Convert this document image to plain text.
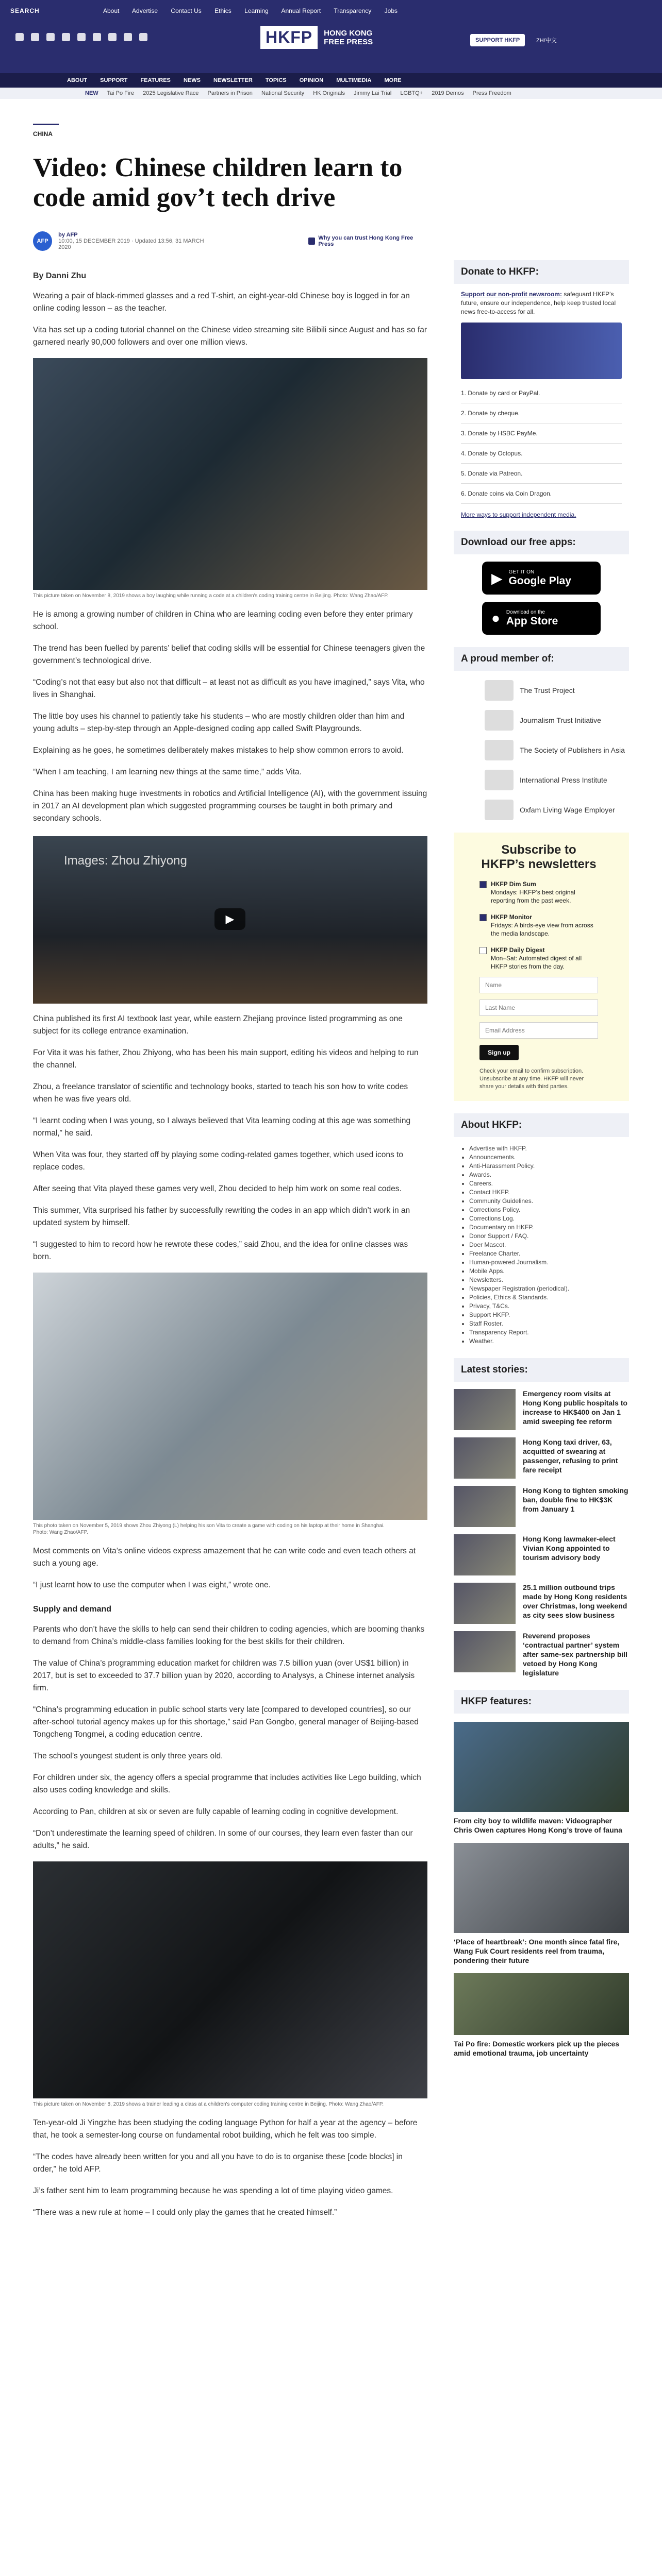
SEARCH	About Advertise Contact Us Ethics Learning Annual Report Transparency Jobs
HKFP	HONG KONG
FREE PRESS	SUPPORT HKFP	ZH/中文
ABOUT SUPPORT FEATURES NEWS NEWSLETTER TOPICS OPINION MULTIMEDIA MORE
NEW Tai Po Fire 2025 Legislative Race Partners in Prison National Security HK Originals Jimmy Lai Trial LGBTQ+ 2019 Demos Press Freedom
CHINA
Video: Chinese children learn to code amid gov’t tech drive
AFP
by AFP
10:00, 15 DECEMBER 2019 · Updated 13:56, 31 MARCH 2020
Why you can trust Hong Kong Free Press
By Danni Zhu

Wearing a pair of black-rimmed glasses and a red T-shirt, an eight-year-old Chinese boy is logged in for an online coding lesson – as the teacher.

Vita has set up a coding tutorial channel on the Chinese video streaming site Bilibili since August and has so far garnered nearly 90,000 followers and over one million views.

This picture taken on November 8, 2019 shows a boy laughing while running a code at a children's coding training centre in Beijing. Photo: Wang Zhao/AFP.

He is among a growing number of children in China who are learning coding even before they enter primary school.

The trend has been fuelled by parents’ belief that coding skills will be essential for Chinese teenagers given the government’s technological drive.

“Coding’s not that easy but also not that difficult – at least not as difficult as you have imagined,” says Vita, who lives in Shanghai.

The little boy uses his channel to patiently take his students – who are mostly children older than him and young adults – step-by-step through an Apple-designed coding app called Swift Playgrounds.

Explaining as he goes, he sometimes deliberately makes mistakes to help show common errors to avoid.

“When I am teaching, I am learning new things at the same time,” adds Vita.

China has been making huge investments in robotics and Artificial Intelligence (AI), with the government issuing in 2017 an AI development plan which suggested programming courses be taught in both primary and secondary schools.

Images: Zhou Zhiyong
▶

China published its first AI textbook last year, while eastern Zhejiang province listed programming as one subject for its college entrance examination.

For Vita it was his father, Zhou Zhiyong, who has been his main support, editing his videos and helping to run the channel.

Zhou, a freelance translator of scientific and technology books, started to teach his son how to write codes when he was five years old.

“I learnt coding when I was young, so I always believed that Vita learning coding at this age was something normal,” he said.

When Vita was four, they started off by playing some coding-related games together, which used icons to replace codes.

After seeing that Vita played these games very well, Zhou decided to help him work on some real codes.

This summer, Vita surprised his father by successfully rewriting the codes in an app which didn’t work in an updated system by himself.

“I suggested to him to record how he rewrote these codes,” said Zhou, and the idea for online classes was born.

This photo taken on November 5, 2019 shows Zhou Zhiyong (L) helping his son Vita to create a game with coding on his laptop at their home in Shanghai. Photo: Wang Zhao/AFP.

Most comments on Vita’s online videos express amazement that he can write code and even teach others at such a young age.

“I just learnt how to use the computer when I was eight,” wrote one.

Supply and demand

Parents who don’t have the skills to help can send their children to coding agencies, which are booming thanks to demand from China’s middle-class families looking for the best skills for their children.

The value of China’s programming education market for children was 7.5 billion yuan (over US$1 billion) in 2017, but is set to exceeded to 37.7 billion yuan by 2020, according to Analysys, a Chinese internet analysis firm.

“China’s programming education in public school starts very late [compared to developed countries], so our after-school tutorial agency makes up for this shortage,” said Pan Gongbo, general manager of Beijing-based Tongcheng Tongmei, a coding education centre.

The school’s youngest student is only three years old.

For children under six, the agency offers a special programme that includes activities like Lego building, which also uses coding knowledge and skills.

According to Pan, children at six or seven are fully capable of learning coding in cognitive development.

“Don’t underestimate the learning speed of children. In some of our courses, they learn even faster than our adults,” he said.

This picture taken on November 8, 2019 shows a trainer leading a class at a children's computer coding training centre in Beijing. Photo: Wang Zhao/AFP.

Ten-year-old Ji Yingzhe has been studying the coding language Python for half a year at the agency – before that, he took a semester-long course on fundamental robot building, which he felt was too simple.

“The codes have already been written for you and all you have to do is to organise these [code blocks] in order,” he told AFP.

Ji’s father sent him to learn programming because he was spending a lot of time playing video games.

“There was a new rule at home – I could only play the games that he created himself.”

Donate to HKFP:

Support our non-profit newsroom: safeguard HKFP’s future, ensure our independence, help keep trusted local news free-to-access for all.

1. Donate by card or PayPal.
2. Donate by cheque.
3. Donate by HSBC PayMe.
4. Donate by Octopus.
5. Donate via Patreon.
6. Donate coins via Coin Dragon.
More ways to support independent media.
Download our free apps:
▶ GET IT ON
Google Play
● Download on the
App Store
A proud member of:
The Trust Project
Journalism Trust Initiative
The Society of Publishers in Asia
International Press Institute
Oxfam Living Wage Employer
Subscribe to HKFP’s newsletters
HKFP Dim Sum
Mondays: HKFP’s best original reporting from the past week.
HKFP Monitor
Fridays: A birds-eye view from across the media landscape.
HKFP Daily Digest
Mon–Sat: Automated digest of all HKFP stories from the day.
Name
Last Name
Email Address Sign up
Check your email to confirm subscription. Unsubscribe at any time. HKFP will never share your details with third parties.
About HKFP:
• Advertise with HKFP.
• Announcements.
• Anti-Harassment Policy.
• Awards.
• Careers.
• Contact HKFP.
• Community Guidelines.
• Corrections Policy.
• Corrections Log.
• Documentary on HKFP.
• Donor Support / FAQ.
• Doer Mascot.
• Freelance Charter.
• Human-powered Journalism.
• Mobile Apps.
• Newsletters.
• Newspaper Registration (periodical).
• Policies, Ethics & Standards.
• Privacy, T&Cs.
• Support HKFP.
• Staff Roster.
• Transparency Report.
• Weather.
Latest stories:
Emergency room visits at Hong Kong public hospitals to increase to HK$400 on Jan 1 amid sweeping fee reform
Hong Kong taxi driver, 63, acquitted of swearing at passenger, refusing to print fare receipt
Hong Kong to tighten smoking ban, double fine to HK$3K from January 1
Hong Kong lawmaker-elect Vivian Kong appointed to tourism advisory body
25.1 million outbound trips made by Hong Kong residents over Christmas, long weekend as city sees slow business
Reverend proposes ‘contractual partner’ system after same-sex partnership bill vetoed by Hong Kong legislature
HKFP features:
From city boy to wildlife maven: Videographer Chris Owen captures Hong Kong’s trove of fauna
‘Place of heartbreak’: One month since fatal fire, Wang Fuk Court residents reel from trauma, pondering their future
Tai Po fire: Domestic workers pick up the pieces amid emotional trauma, job uncertainty
